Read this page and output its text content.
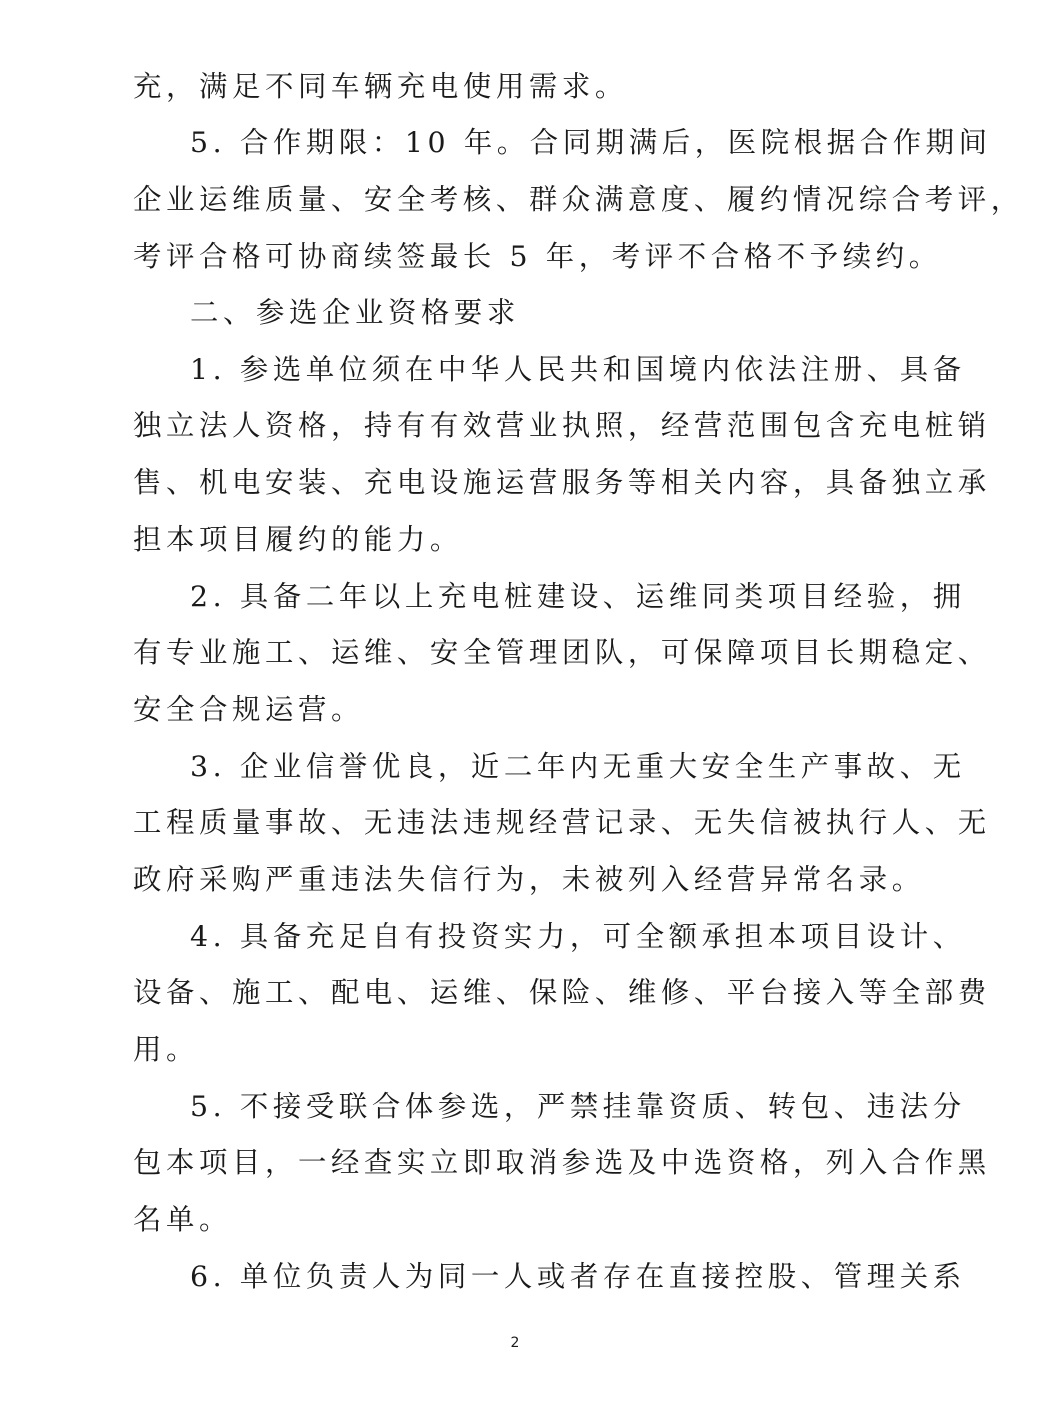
充，满足不同车辆充电使用需求。
5. 合作期限：10 年。合同期满后，医院根据合作期间
企业运维质量、安全考核、群众满意度、履约情况综合考评，
考评合格可协商续签最长 5 年，考评不合格不予续约。
二、参选企业资格要求
1. 参选单位须在中华人民共和国境内依法注册、具备
独立法人资格，持有有效营业执照，经营范围包含充电桩销
售、机电安装、充电设施运营服务等相关内容，具备独立承
担本项目履约的能力。
2. 具备二年以上充电桩建设、运维同类项目经验，拥
有专业施工、运维、安全管理团队，可保障项目长期稳定、
安全合规运营。
3. 企业信誉优良，近二年内无重大安全生产事故、无
工程质量事故、无违法违规经营记录、无失信被执行人、无
政府采购严重违法失信行为，未被列入经营异常名录。
4. 具备充足自有投资实力，可全额承担本项目设计、
设备、施工、配电、运维、保险、维修、平台接入等全部费
用。
5. 不接受联合体参选，严禁挂靠资质、转包、违法分
包本项目，一经查实立即取消参选及中选资格，列入合作黑
名单。
6. 单位负责人为同一人或者存在直接控股、管理关系
2
